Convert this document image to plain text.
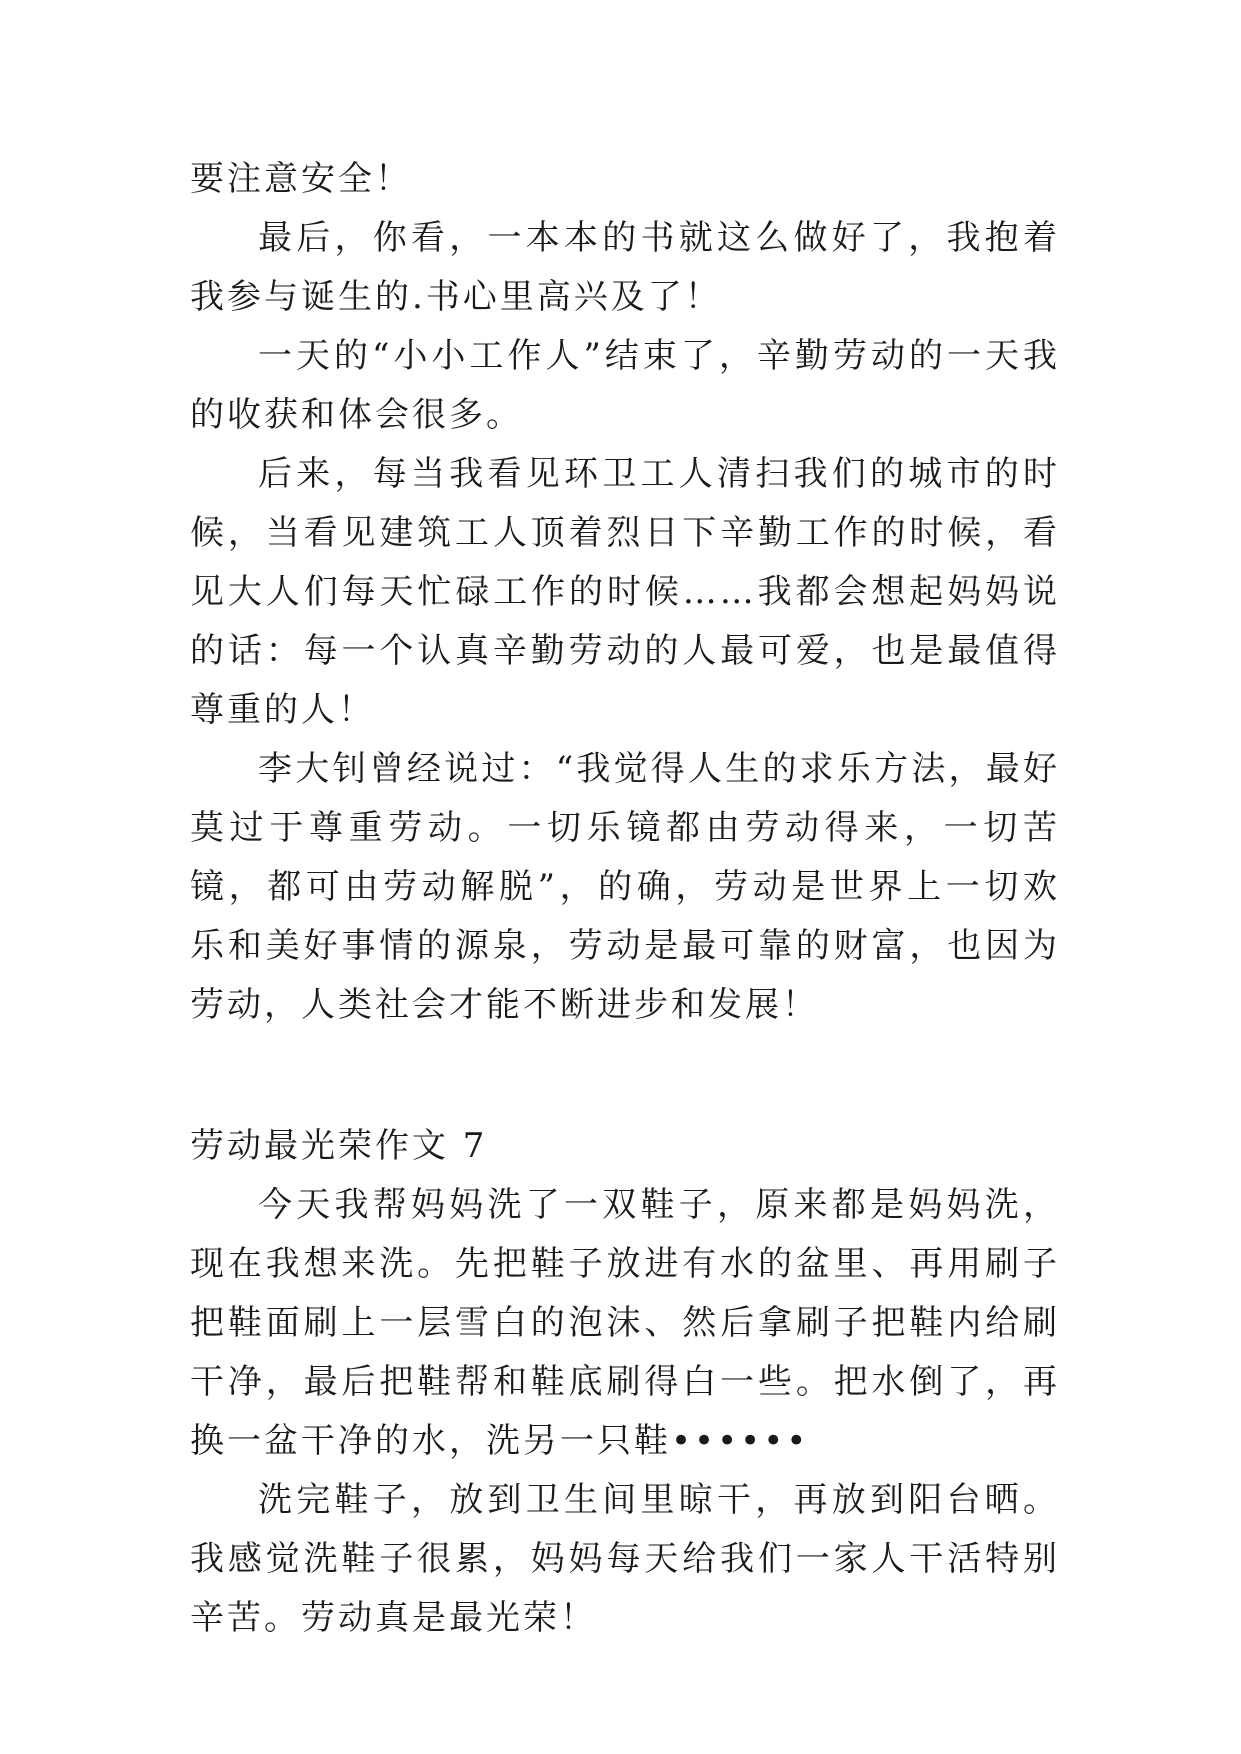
要注意安全！

最后，你看，一本本的书就这么做好了，我抱着我参与诞生的.书心里高兴及了！

一天的“小小工作人”结束了，辛勤劳动的一天我的收获和体会很多。

后来，每当我看见环卫工人清扫我们的城市的时候，当看见建筑工人顶着烈日下辛勤工作的时候，看见大人们每天忙碌工作的时候……我都会想起妈妈说的话：每一个认真辛勤劳动的人最可爱，也是最值得尊重的人！

李大钊曾经说过：“我觉得人生的求乐方法，最好莫过于尊重劳动。一切乐镜都由劳动得来，一切苦镜，都可由劳动解脱”，的确，劳动是世界上一切欢乐和美好事情的源泉，劳动是最可靠的财富，也因为劳动，人类社会才能不断进步和发展！

劳动最光荣作文 7

今天我帮妈妈洗了一双鞋子，原来都是妈妈洗，现在我想来洗。先把鞋子放进有水的盆里、再用刷子把鞋面刷上一层雪白的泡沫、然后拿刷子把鞋内给刷干净，最后把鞋帮和鞋底刷得白一些。把水倒了，再换一盆干净的水，洗另一只鞋••••••

洗完鞋子，放到卫生间里晾干，再放到阳台晒。我感觉洗鞋子很累，妈妈每天给我们一家人干活特别辛苦。劳动真是最光荣！
